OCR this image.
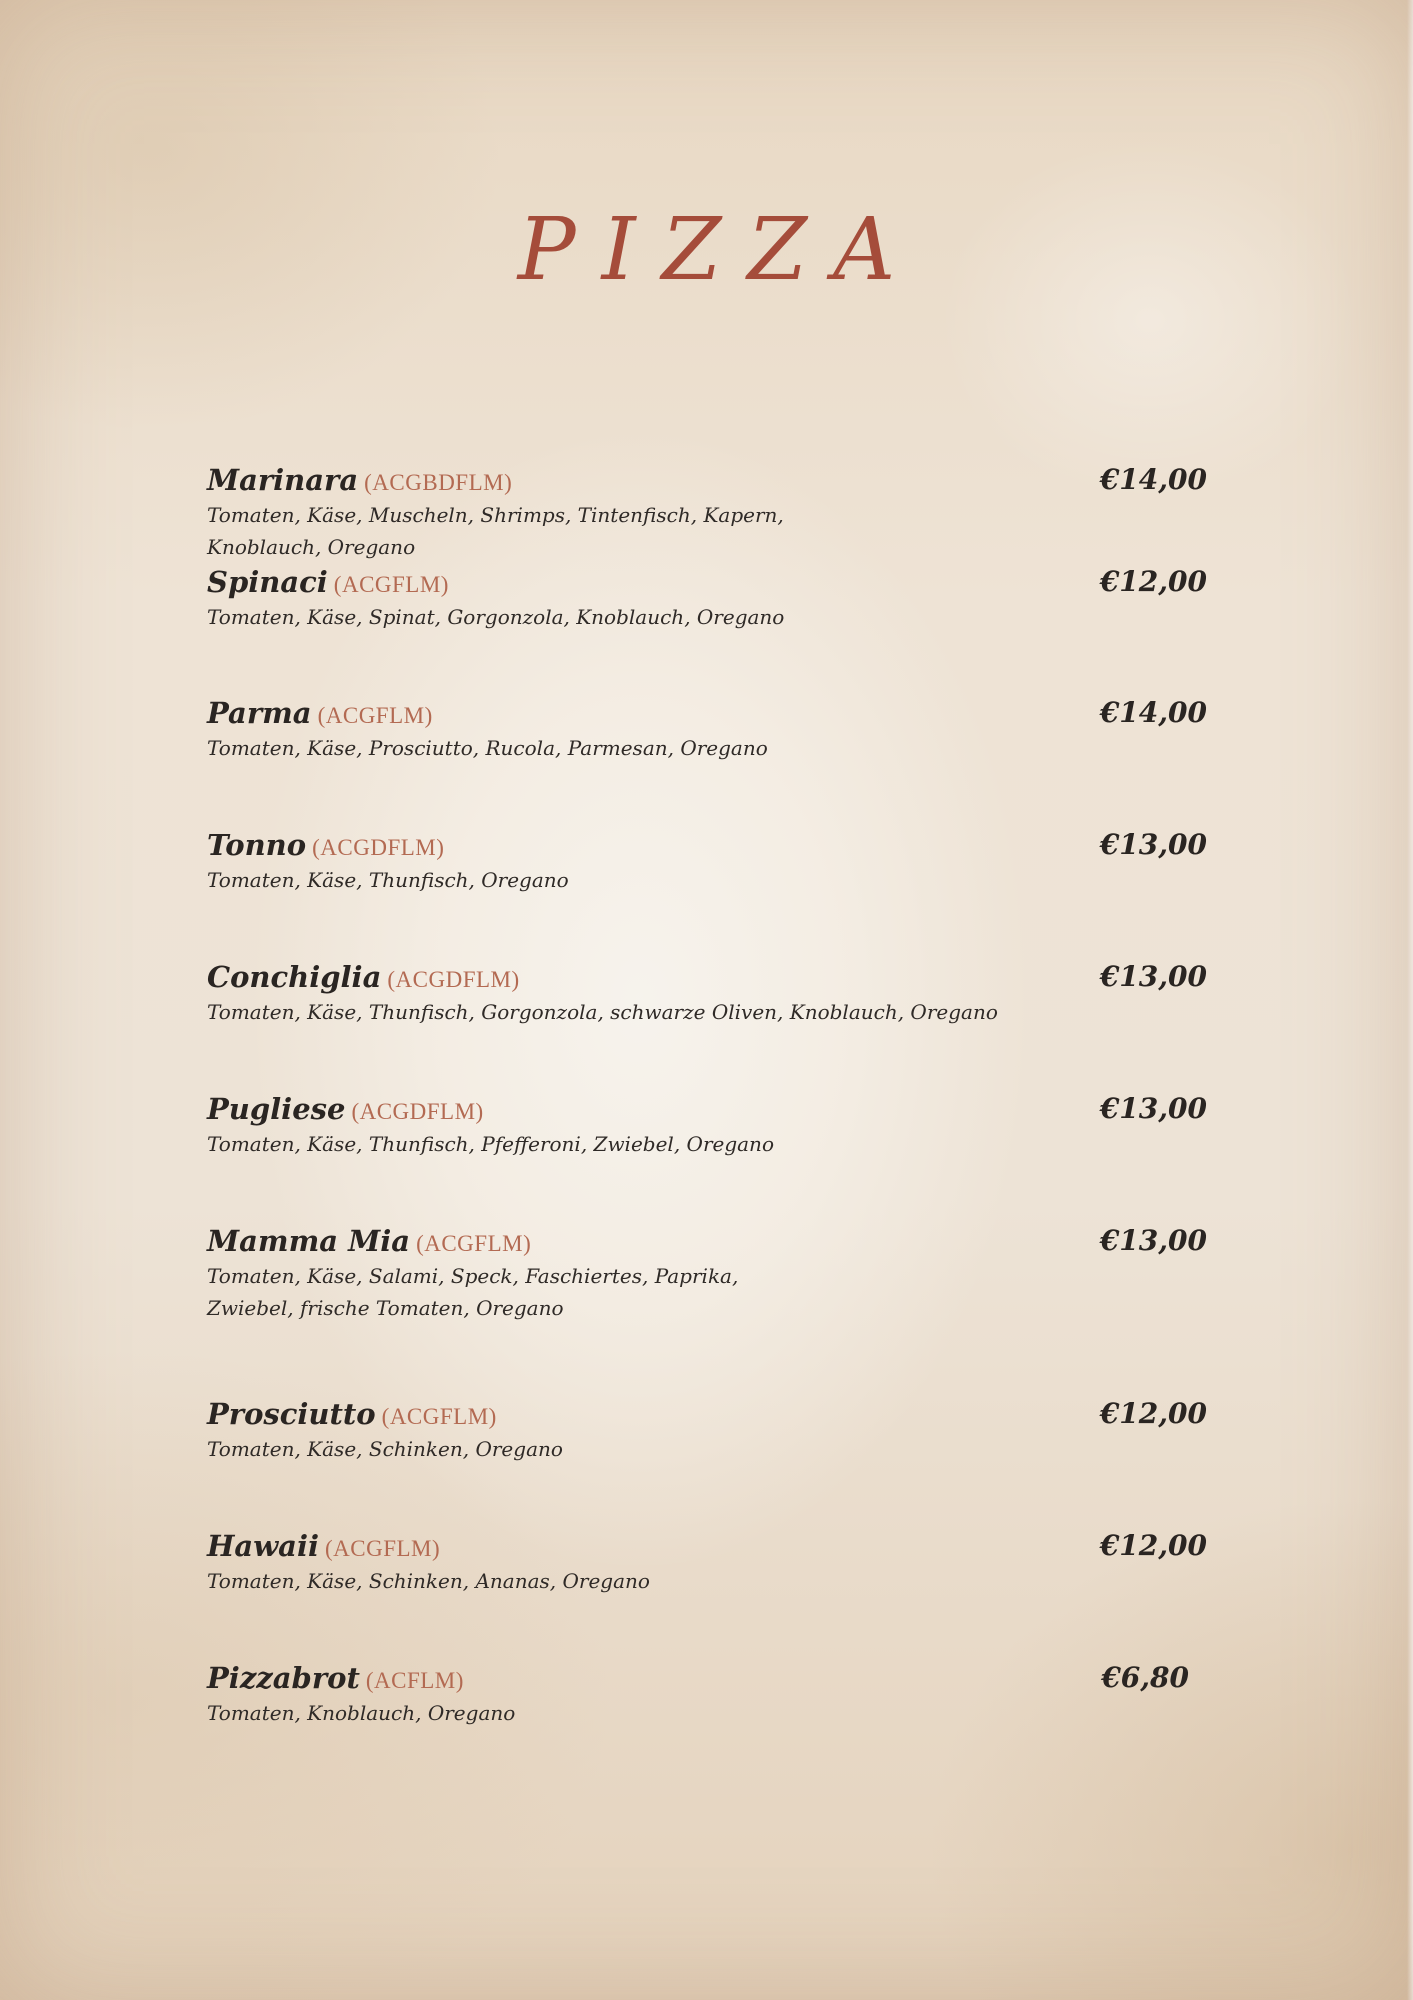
PIZZA
Marinara (ACGBDFLM)
Tomaten, Käse, Muscheln, Shrimps, Tintenfisch, Kapern, Knoblauch, Oregano
€14,00
Spinaci (ACGFLM)
Tomaten, Käse, Spinat, Gorgonzola, Knoblauch, Oregano
€12,00
Parma (ACGFLM)
Tomaten, Käse, Prosciutto, Rucola, Parmesan, Oregano
€14,00
Tonno (ACGDFLM)
Tomaten, Käse, Thunfisch, Oregano
€13,00
Conchiglia (ACGDFLM)
Tomaten, Käse, Thunfisch, Gorgonzola, schwarze Oliven, Knoblauch, Oregano
€13,00
Pugliese (ACGDFLM)
Tomaten, Käse, Thunfisch, Pfefferoni, Zwiebel, Oregano
€13,00
Mamma Mia (ACGFLM)
Tomaten, Käse, Salami, Speck, Faschiertes, Paprika, Zwiebel, frische Tomaten, Oregano
€13,00
Prosciutto (ACGFLM)
Tomaten, Käse, Schinken, Oregano
€12,00
Hawaii (ACGFLM)
Tomaten, Käse, Schinken, Ananas, Oregano
€12,00
Pizzabrot (ACFLM)
Tomaten, Knoblauch, Oregano
€6,80
